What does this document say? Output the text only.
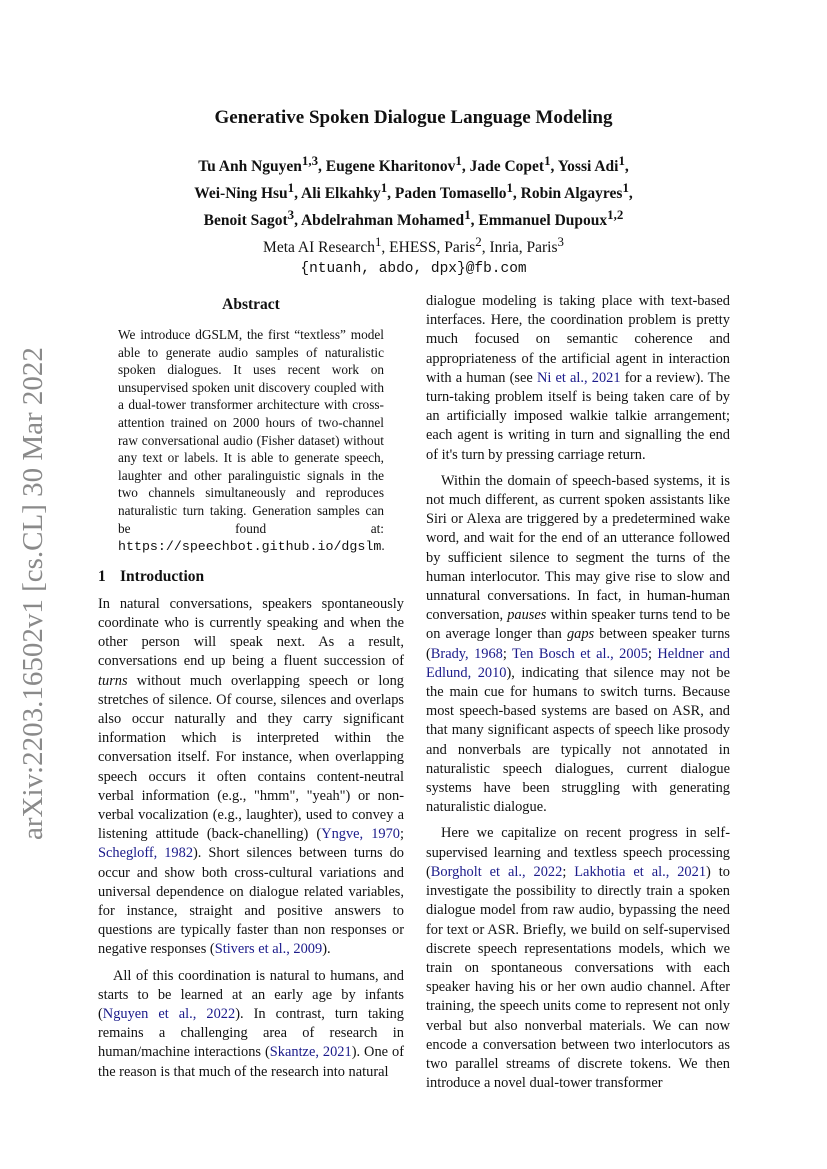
arXiv:2203.16502v1 [cs.CL] 30 Mar 2022
Generative Spoken Dialogue Language Modeling
Tu Anh Nguyen$^{1,3}$, Eugene Kharitonov$^1$, Jade Copet$^1$, Yossi Adi$^1$,
Wei-Ning Hsu$^1$, Ali Elkahky$^1$, Paden Tomasello$^1$, Robin Algayres$^1$,
Benoit Sagot$^3$, Abdelrahman Mohamed$^1$, Emmanuel Dupoux$^{1,2}$
Meta AI Research$^1$, EHESS, Paris$^2$, Inria, Paris$^3$
{ntuanh, abdo, dpx}@fb.com
Abstract
We introduce dGSLM, the first “textless” model able to generate audio samples of naturalistic spoken dialogues. It uses recent work on unsupervised spoken unit discovery coupled with a dual-tower transformer architecture with cross-attention trained on 2000 hours of two-channel raw conversational audio (Fisher dataset) without any text or labels. It is able to generate speech, laughter and other paralinguistic signals in the two channels simultaneously and reproduces naturalistic turn taking. Generation samples can be found at: https://speechbot.github.io/dgslm.
1 Introduction

In natural conversations, speakers spontaneously coordinate who is currently speaking and when the other person will speak next. As a result, conversations end up being a fluent succession of turns without much overlapping speech or long stretches of silence. Of course, silences and overlaps also occur naturally and they carry significant information which is interpreted within the conversation itself. For instance, when overlapping speech occurs it often contains content-neutral verbal information (e.g., "hmm", "yeah") or non-verbal vocalization (e.g., laughter), used to convey a listening attitude (back-chanelling) (Yngve, 1970; Schegloff, 1982). Short silences between turns do occur and show both cross-cultural variations and universal dependence on dialogue related variables, for instance, straight and positive answers to questions are typically faster than non responses or negative responses (Stivers et al., 2009).

All of this coordination is natural to humans, and starts to be learned at an early age by infants (Nguyen et al., 2022). In contrast, turn taking remains a challenging area of research in human/machine interactions (Skantze, 2021). One of the reason is that much of the research into natural

dialogue modeling is taking place with text-based interfaces. Here, the coordination problem is pretty much focused on semantic coherence and appropriateness of the artificial agent in interaction with a human (see Ni et al., 2021 for a review). The turn-taking problem itself is being taken care of by an artificially imposed walkie talkie arrangement; each agent is writing in turn and signalling the end of it's turn by pressing carriage return.

Within the domain of speech-based systems, it is not much different, as current spoken assistants like Siri or Alexa are triggered by a predetermined wake word, and wait for the end of an utterance followed by sufficient silence to segment the turns of the human interlocutor. This may give rise to slow and unnatural conversations. In fact, in human-human conversation, pauses within speaker turns tend to be on average longer than gaps between speaker turns (Brady, 1968; Ten Bosch et al., 2005; Heldner and Edlund, 2010), indicating that silence may not be the main cue for humans to switch turns. Because most speech-based systems are based on ASR, and that many significant aspects of speech like prosody and nonverbals are typically not annotated in naturalistic speech dialogues, current dialogue systems have been struggling with generating naturalistic dialogue.

Here we capitalize on recent progress in self-supervised learning and textless speech processing (Borgholt et al., 2022; Lakhotia et al., 2021) to investigate the possibility to directly train a spoken dialogue model from raw audio, bypassing the need for text or ASR. Briefly, we build on self-supervised discrete speech representations models, which we train on spontaneous conversations with each speaker having his or her own audio channel. After training, the speech units come to represent not only verbal but also nonverbal materials. We can now encode a conversation between two interlocutors as two parallel streams of discrete tokens. We then introduce a novel dual-tower transformer
